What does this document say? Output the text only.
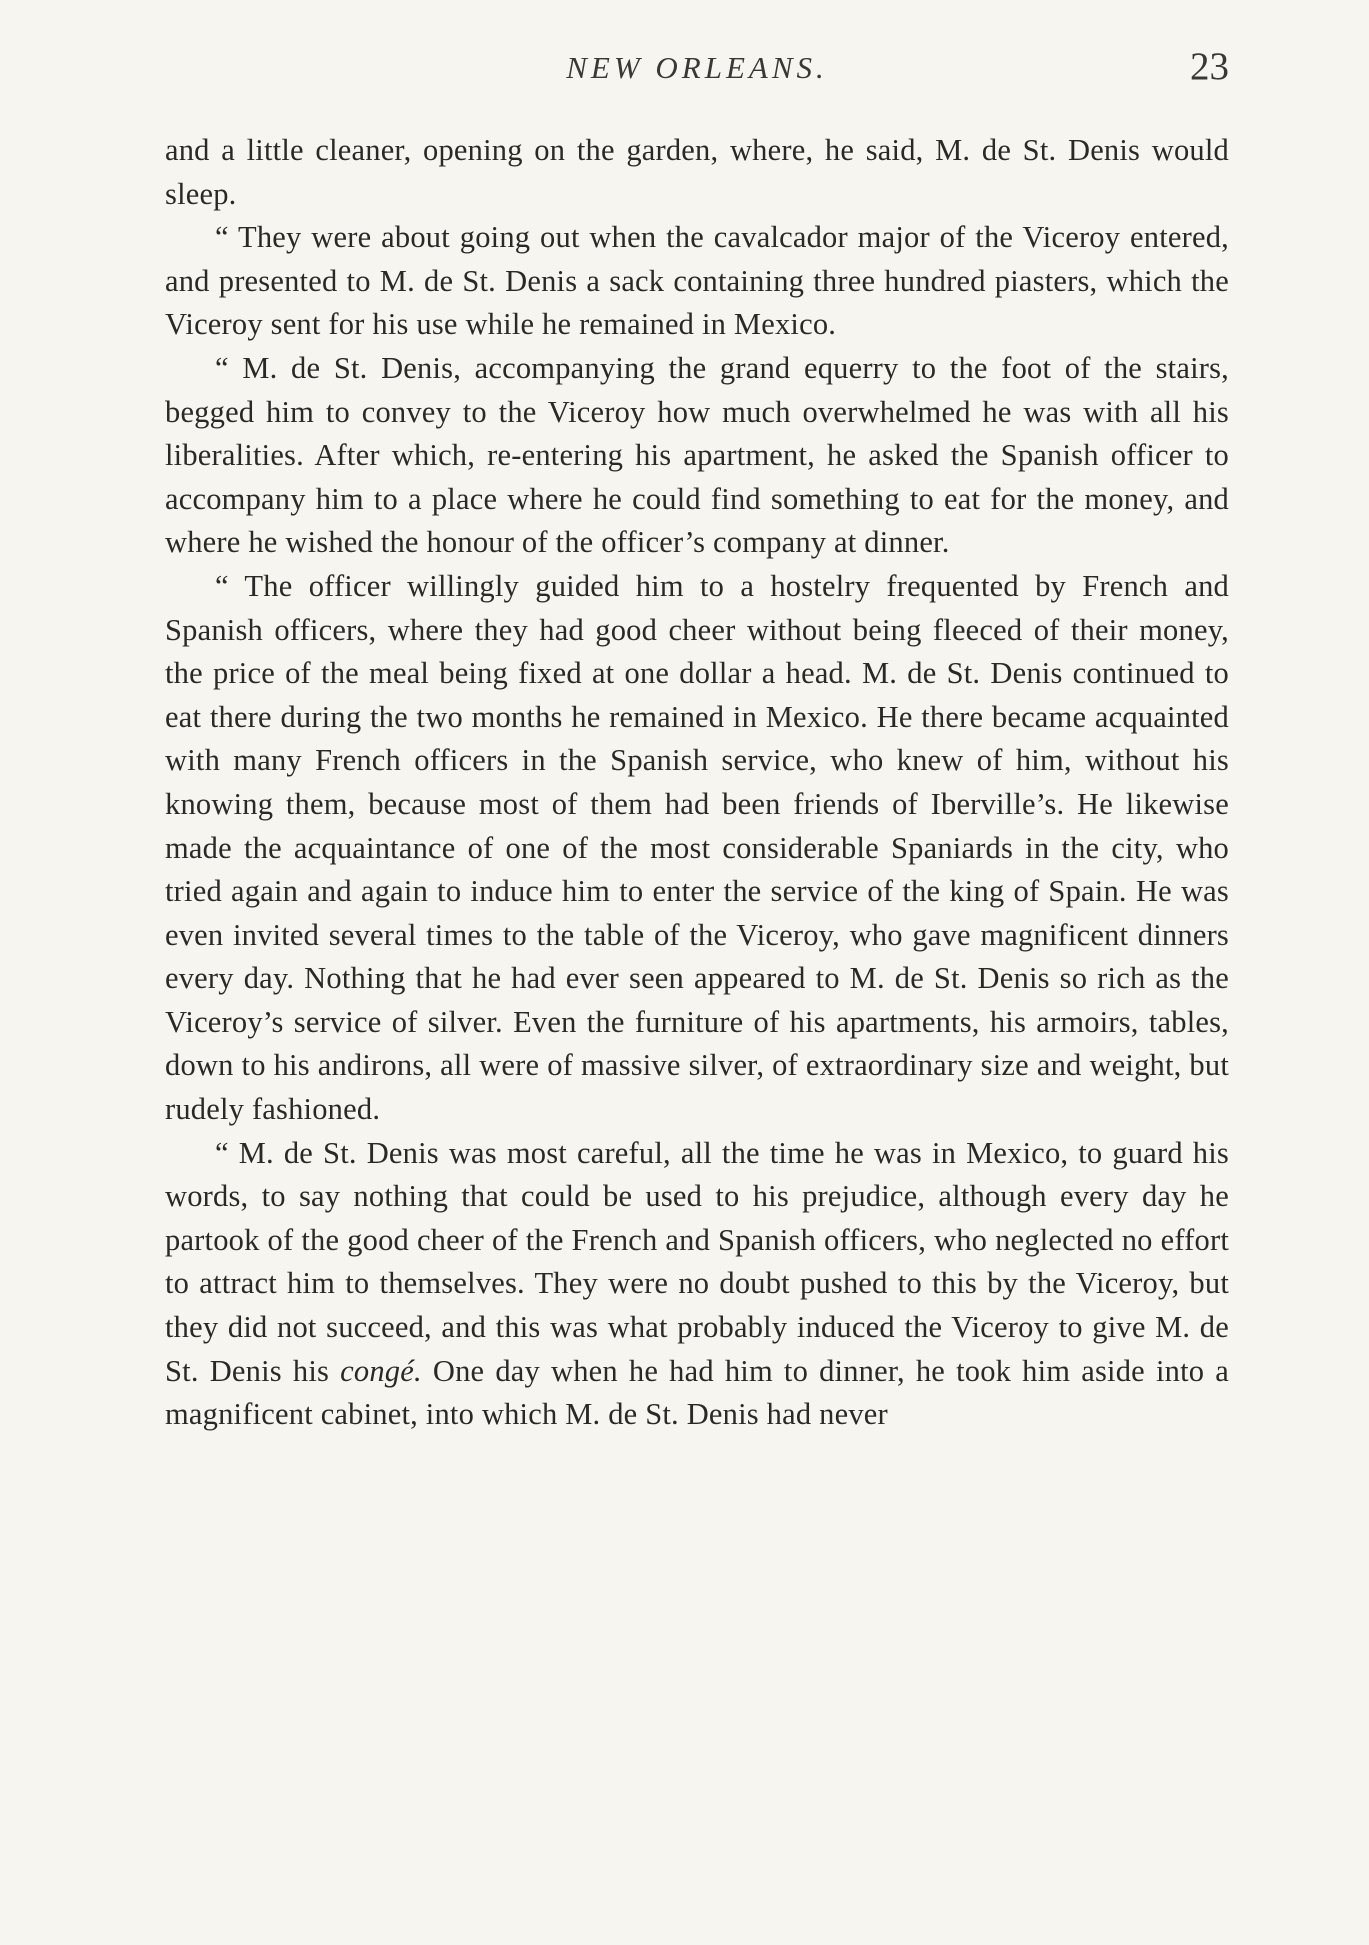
NEW ORLEANS.	23

and a little cleaner, opening on the garden, where, he said, M. de St. Denis would sleep.

“ They were about going out when the cavalcador major of the Viceroy entered, and presented to M. de St. Denis a sack containing three hundred piasters, which the Viceroy sent for his use while he remained in Mexico.

“ M. de St. Denis, accompanying the grand equerry to the foot of the stairs, begged him to convey to the Viceroy how much overwhelmed he was with all his liberalities. After which, re-entering his apartment, he asked the Spanish officer to accompany him to a place where he could find something to eat for the money, and where he wished the honour of the officer’s company at dinner.

“ The officer willingly guided him to a hostelry frequented by French and Spanish officers, where they had good cheer without being fleeced of their money, the price of the meal being fixed at one dollar a head. M. de St. Denis continued to eat there during the two months he remained in Mexico. He there became acquainted with many French officers in the Spanish service, who knew of him, without his knowing them, because most of them had been friends of Iberville’s. He likewise made the acquaintance of one of the most considerable Spaniards in the city, who tried again and again to induce him to enter the service of the king of Spain. He was even invited several times to the table of the Viceroy, who gave magnificent dinners every day. Nothing that he had ever seen appeared to M. de St. Denis so rich as the Viceroy’s service of silver. Even the furniture of his apartments, his armoirs, tables, down to his andirons, all were of massive silver, of extraordinary size and weight, but rudely fashioned.

“ M. de St. Denis was most careful, all the time he was in Mexico, to guard his words, to say nothing that could be used to his prejudice, although every day he partook of the good cheer of the French and Spanish officers, who neglected no effort to attract him to themselves. They were no doubt pushed to this by the Viceroy, but they did not succeed, and this was what probably induced the Viceroy to give M. de St. Denis his congé. One day when he had him to dinner, he took him aside into a magnificent cabinet, into which M. de St. Denis had never
